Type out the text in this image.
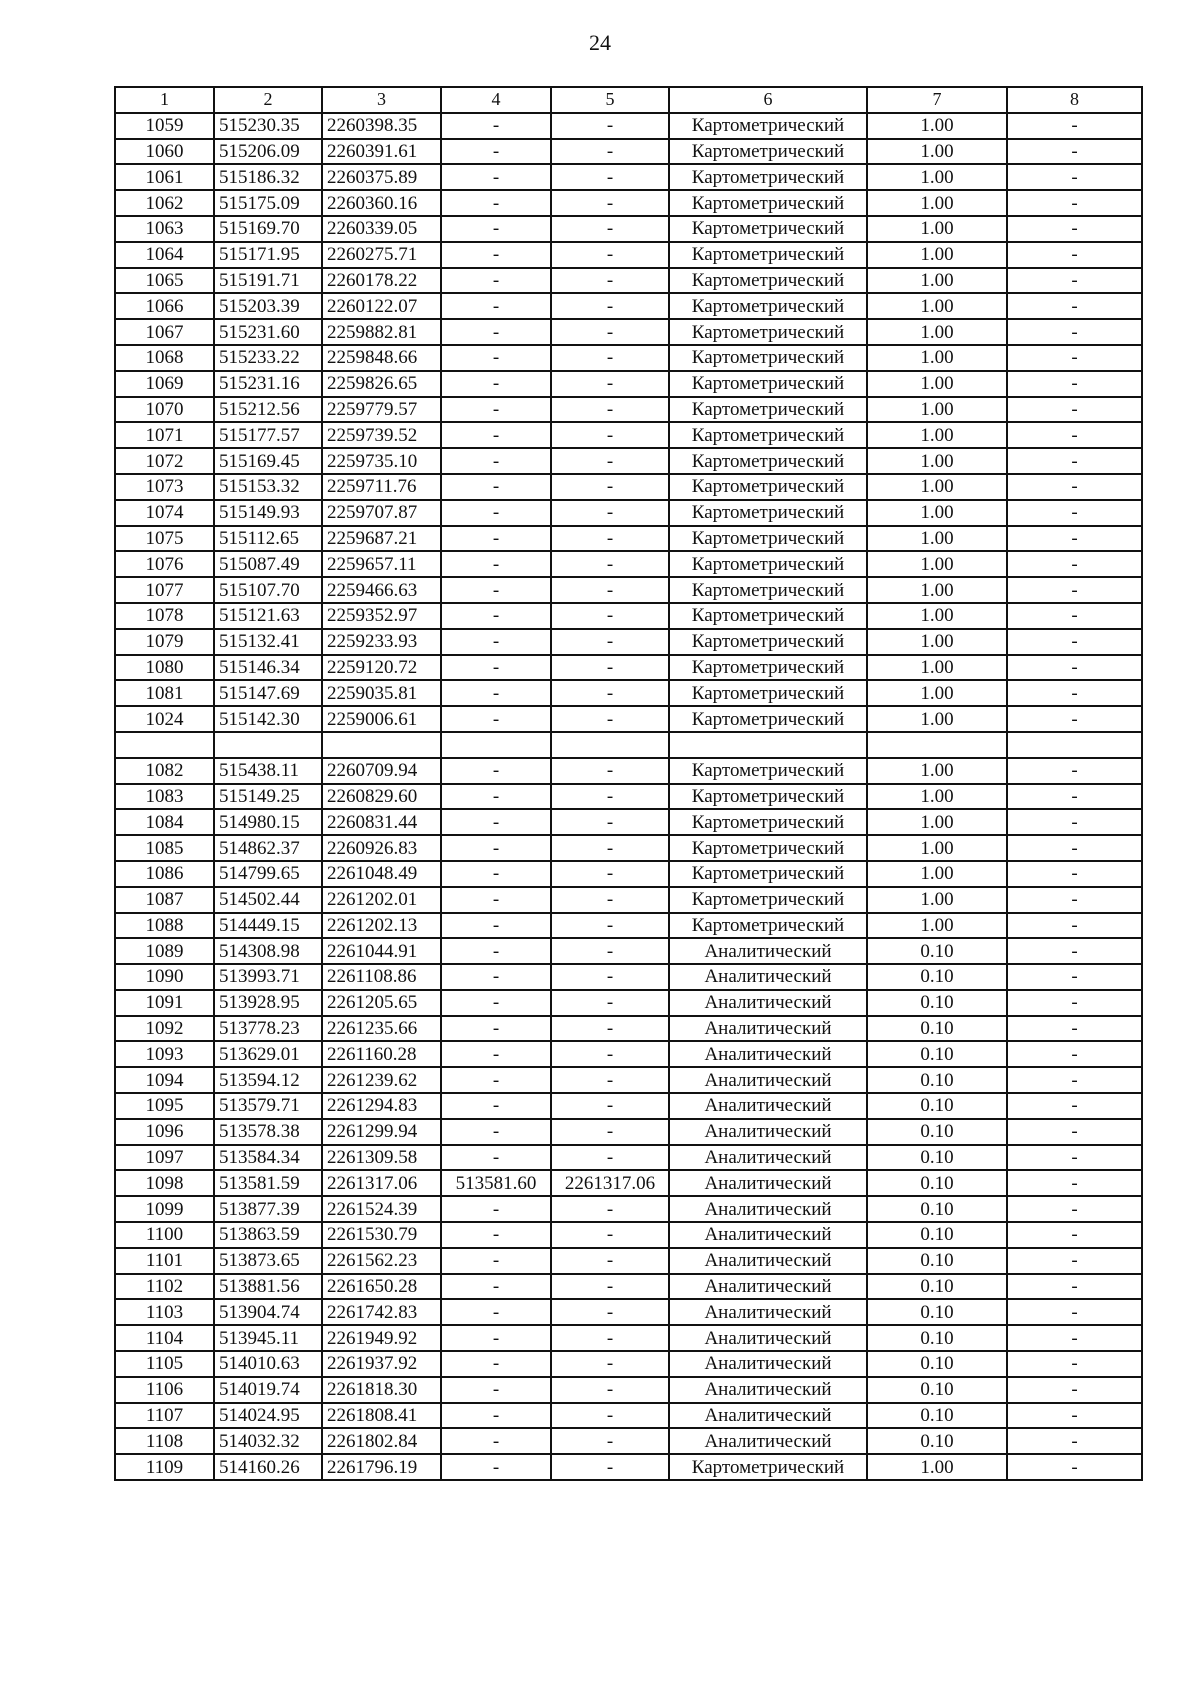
24
1	2	3	4	5	6	7	8
1059	515230.35	2260398.35	-	-	Картометрический	1.00	-
1060	515206.09	2260391.61	-	-	Картометрический	1.00	-
1061	515186.32	2260375.89	-	-	Картометрический	1.00	-
1062	515175.09	2260360.16	-	-	Картометрический	1.00	-
1063	515169.70	2260339.05	-	-	Картометрический	1.00	-
1064	515171.95	2260275.71	-	-	Картометрический	1.00	-
1065	515191.71	2260178.22	-	-	Картометрический	1.00	-
1066	515203.39	2260122.07	-	-	Картометрический	1.00	-
1067	515231.60	2259882.81	-	-	Картометрический	1.00	-
1068	515233.22	2259848.66	-	-	Картометрический	1.00	-
1069	515231.16	2259826.65	-	-	Картометрический	1.00	-
1070	515212.56	2259779.57	-	-	Картометрический	1.00	-
1071	515177.57	2259739.52	-	-	Картометрический	1.00	-
1072	515169.45	2259735.10	-	-	Картометрический	1.00	-
1073	515153.32	2259711.76	-	-	Картометрический	1.00	-
1074	515149.93	2259707.87	-	-	Картометрический	1.00	-
1075	515112.65	2259687.21	-	-	Картометрический	1.00	-
1076	515087.49	2259657.11	-	-	Картометрический	1.00	-
1077	515107.70	2259466.63	-	-	Картометрический	1.00	-
1078	515121.63	2259352.97	-	-	Картометрический	1.00	-
1079	515132.41	2259233.93	-	-	Картометрический	1.00	-
1080	515146.34	2259120.72	-	-	Картометрический	1.00	-
1081	515147.69	2259035.81	-	-	Картометрический	1.00	-
1024	515142.30	2259006.61	-	-	Картометрический	1.00	-

1082	515438.11	2260709.94	-	-	Картометрический	1.00	-
1083	515149.25	2260829.60	-	-	Картометрический	1.00	-
1084	514980.15	2260831.44	-	-	Картометрический	1.00	-
1085	514862.37	2260926.83	-	-	Картометрический	1.00	-
1086	514799.65	2261048.49	-	-	Картометрический	1.00	-
1087	514502.44	2261202.01	-	-	Картометрический	1.00	-
1088	514449.15	2261202.13	-	-	Картометрический	1.00	-
1089	514308.98	2261044.91	-	-	Аналитический	0.10	-
1090	513993.71	2261108.86	-	-	Аналитический	0.10	-
1091	513928.95	2261205.65	-	-	Аналитический	0.10	-
1092	513778.23	2261235.66	-	-	Аналитический	0.10	-
1093	513629.01	2261160.28	-	-	Аналитический	0.10	-
1094	513594.12	2261239.62	-	-	Аналитический	0.10	-
1095	513579.71	2261294.83	-	-	Аналитический	0.10	-
1096	513578.38	2261299.94	-	-	Аналитический	0.10	-
1097	513584.34	2261309.58	-	-	Аналитический	0.10	-
1098	513581.59	2261317.06	513581.60	2261317.06	Аналитический	0.10	-
1099	513877.39	2261524.39	-	-	Аналитический	0.10	-
1100	513863.59	2261530.79	-	-	Аналитический	0.10	-
1101	513873.65	2261562.23	-	-	Аналитический	0.10	-
1102	513881.56	2261650.28	-	-	Аналитический	0.10	-
1103	513904.74	2261742.83	-	-	Аналитический	0.10	-
1104	513945.11	2261949.92	-	-	Аналитический	0.10	-
1105	514010.63	2261937.92	-	-	Аналитический	0.10	-
1106	514019.74	2261818.30	-	-	Аналитический	0.10	-
1107	514024.95	2261808.41	-	-	Аналитический	0.10	-
1108	514032.32	2261802.84	-	-	Аналитический	0.10	-
1109	514160.26	2261796.19	-	-	Картометрический	1.00	-
